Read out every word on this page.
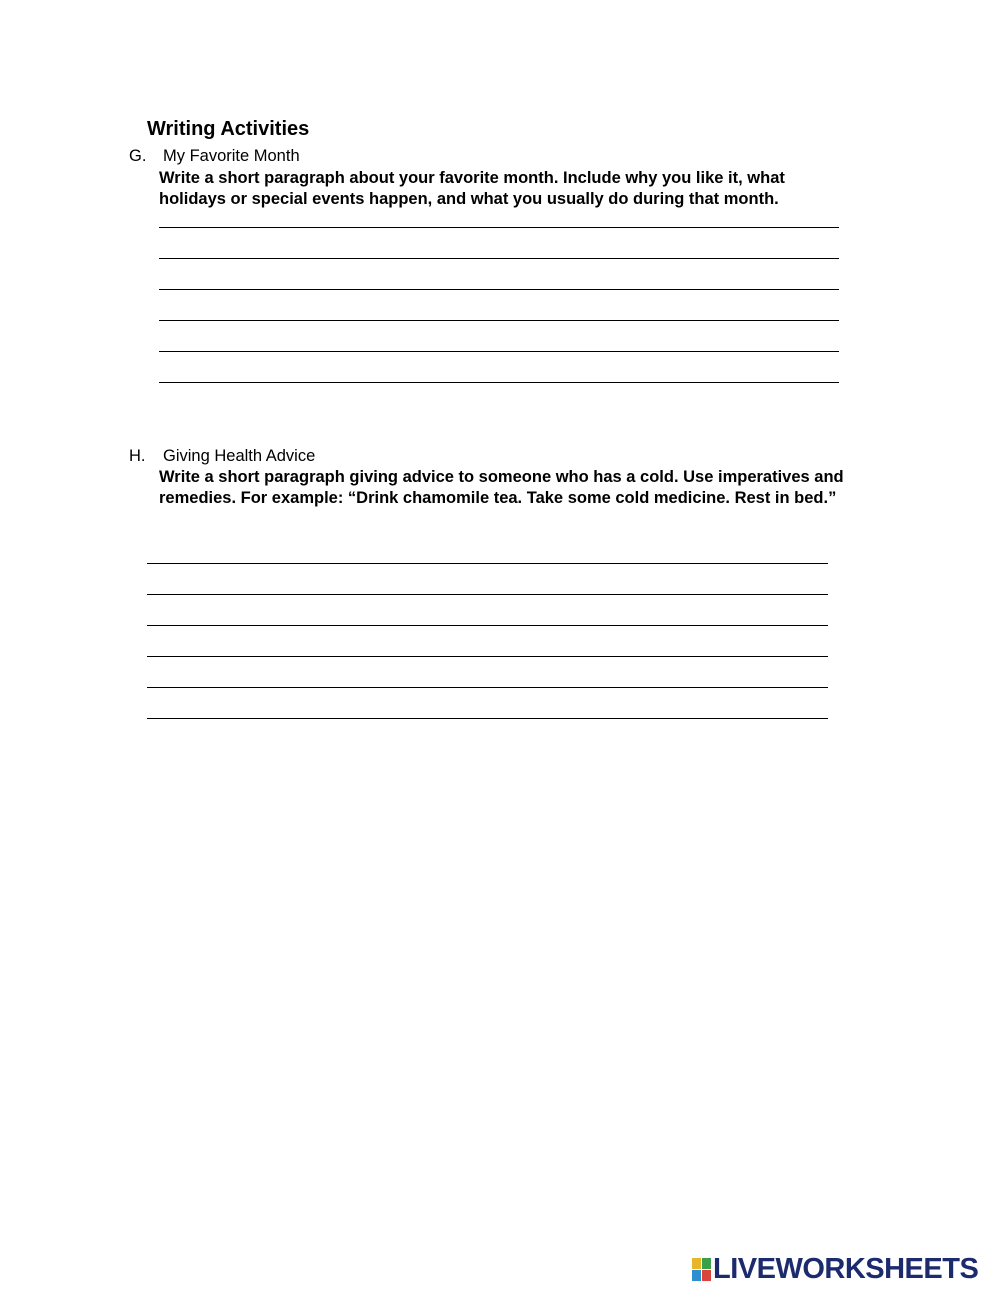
Writing Activities
G. My Favorite Month
Write a short paragraph about your favorite month. Include why you like it, what holidays or special events happen, and what you usually do during that month.
H. Giving Health Advice
Write a short paragraph giving advice to someone who has a cold. Use imperatives and remedies. For example: “Drink chamomile tea. Take some cold medicine. Rest in bed.”
LIVEWORKSHEETS
